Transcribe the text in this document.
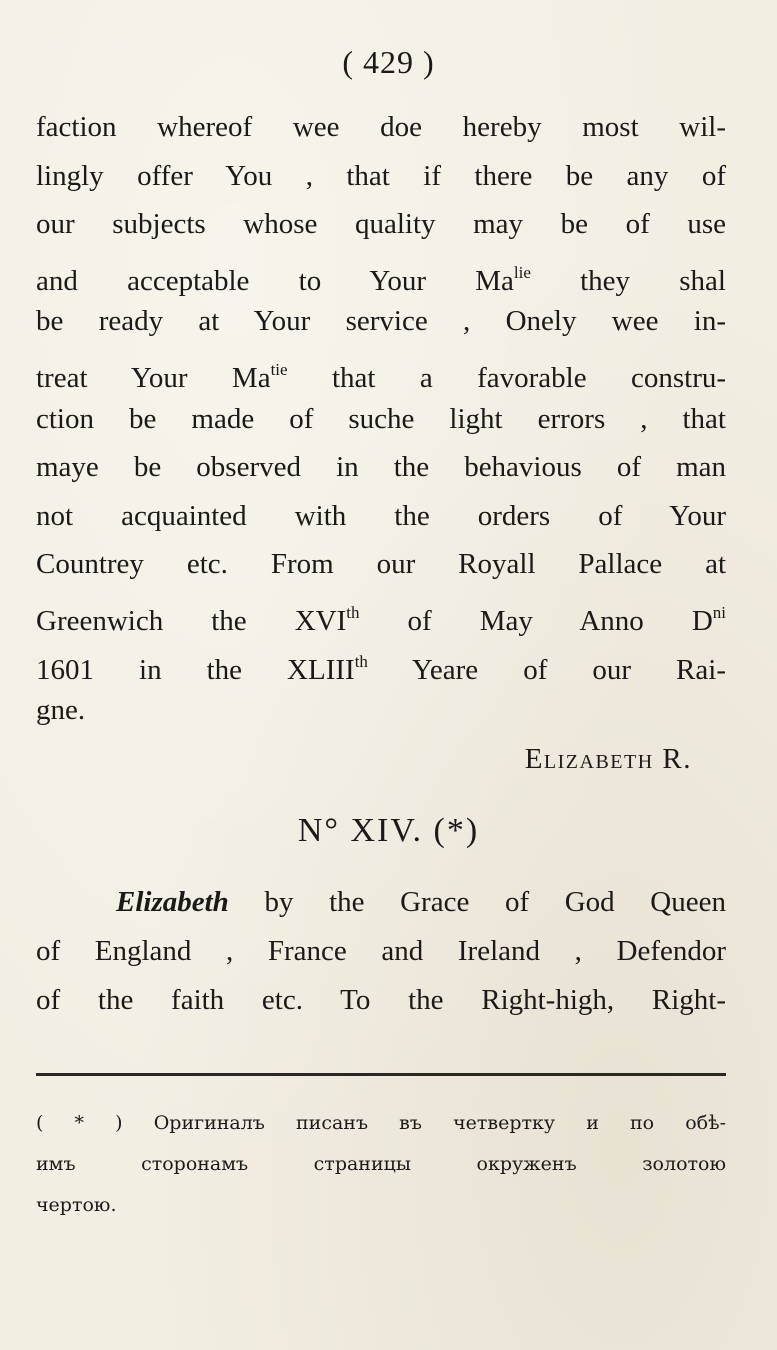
( 429 )
faction whereof wee doe hereby most wil-
lingly offer You , that if there be any of
our subjects whose quality may be of use
and acceptable to Your $Ma^{lie}$ they shal
be ready at Your service , Onely wee in-
treat Your $Ma^{tie}$ that a favorable constru-
ction be made of suche light errors , that
maye be observed in the behavious of man
not acquainted with the orders of Your
Countrey etc. From our Royall Pallace at
Greenwich the XVIth of May Anno $D^{ni}$
1601 in the XLIIIth Yeare of our Rai-
gne.
Elizabeth R.
N° XIV. (*)
Elizabeth by the Grace of God Queen
of England , France and Ireland , Defendor
of the faith etc. To the Right-high, Right-
( * ) Оригиналъ писанъ въ четвертку и по обѣ-
имъ сторонамъ страницы окруженъ золотою
чертою.
